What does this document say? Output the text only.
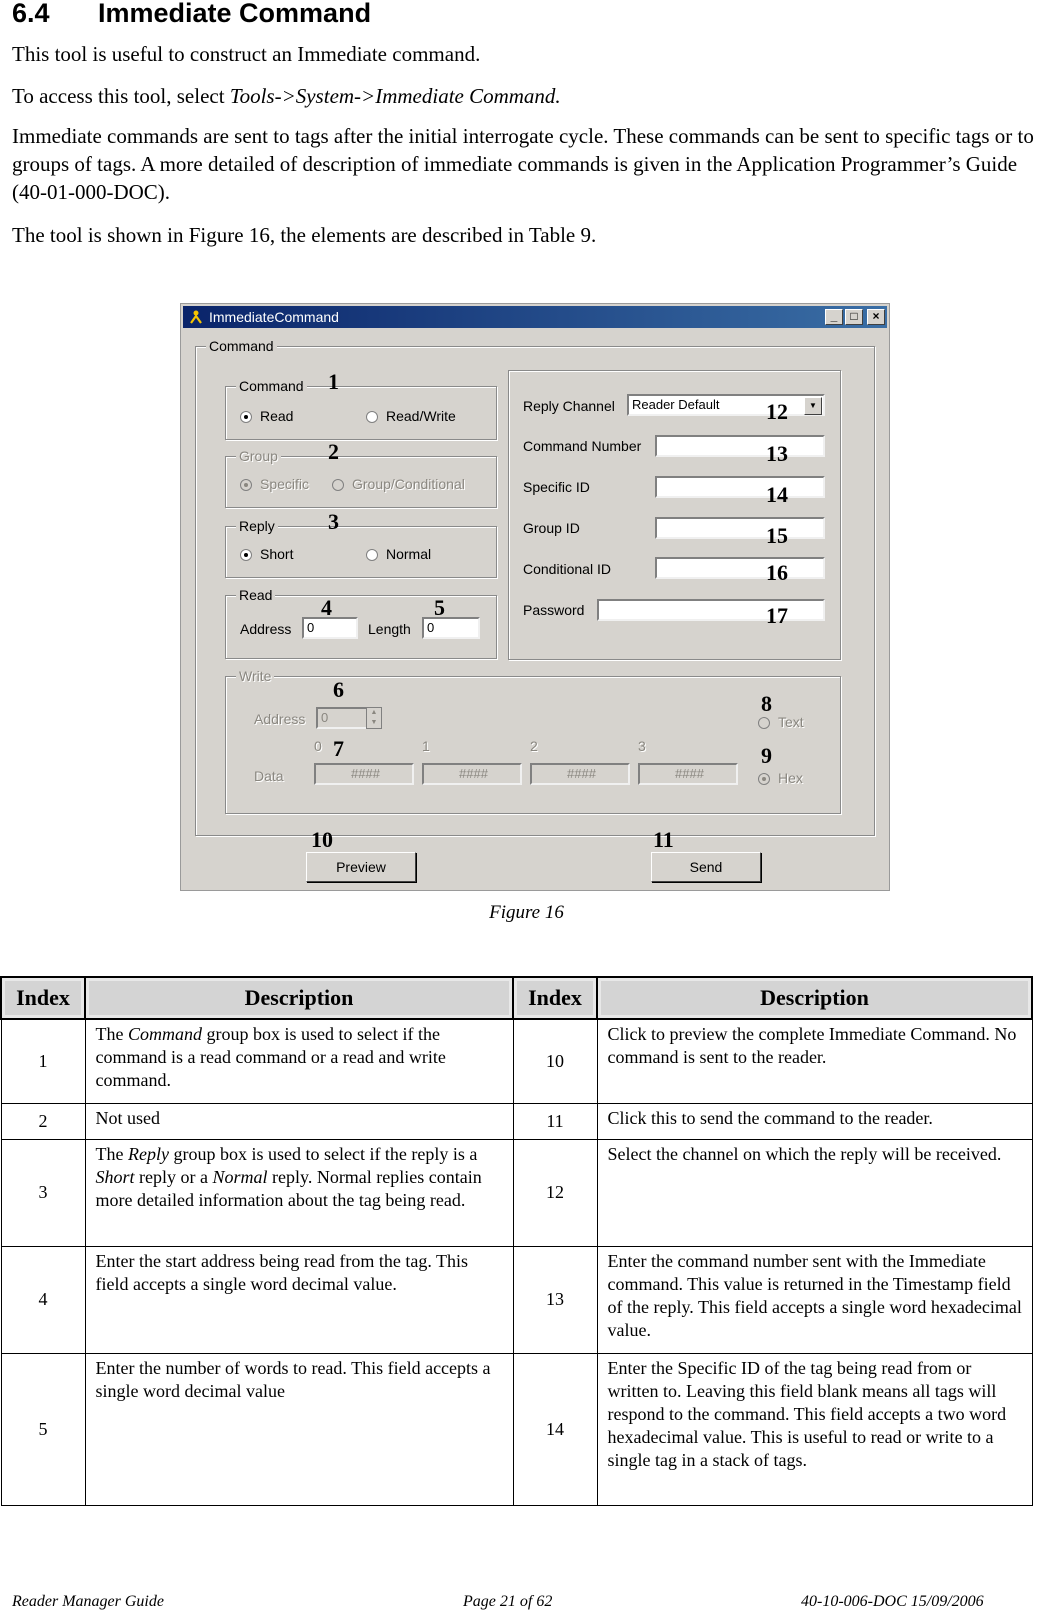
6.4 Immediate Command
This tool is useful to construct an Immediate command.
To access this tool, select Tools->System->Immediate Command.
Immediate commands are sent to tags after the initial interrogate cycle. These commands can be sent to specific tags or to groups of tags. A more detailed of description of immediate commands is given in the Application Programmer’s Guide (40-01-000-DOC).
The tool is shown in Figure 16, the elements are described in Table 9.
ImmediateCommand	_	□	×
Command
Command
Read	Read/Write
Group
Specific	Group/Conditional
Reply
Short	Normal
Read
Address	0	Length	0
Reply Channel	Reader Default	▼
Command Number
Specific ID
Group ID
Conditional ID
Password
Write
Address	0	▲
▼
0	1	2	3
Data	####	####	####	####
Text
Hex
Preview	Send
1
2
3
4	5
6
7
8
9
10	11
12
13
14
15
16
17
Figure 16
Index	Description	Index	Description

1	The Command group box is used to select if the command is a read command or a read and write command.	10	Click to preview the complete Immediate Command. No command is sent to the reader.
2	Not used	11	Click this to send the command to the reader.
3	The Reply group box is used to select if the reply is a Short reply or a Normal reply. Normal replies contain more detailed information about the tag being read.	12	Select the channel on which the reply will be received.
4	Enter the start address being read from the tag. This field accepts a single word decimal value.	13	Enter the command number sent with the Immediate command. This value is returned in the Timestamp field of the reply. This field accepts a single word hexadecimal value.
5	Enter the number of words to read. This field accepts a single word decimal value	14	Enter the Specific ID of the tag being read from or written to. Leaving this field blank means all tags will respond to the command. This field accepts a two word hexadecimal value. This is useful to read or write to a single tag in a stack of tags.
Reader Manager Guide	Page 21 of 62	40-10-006-DOC 15/09/2006
